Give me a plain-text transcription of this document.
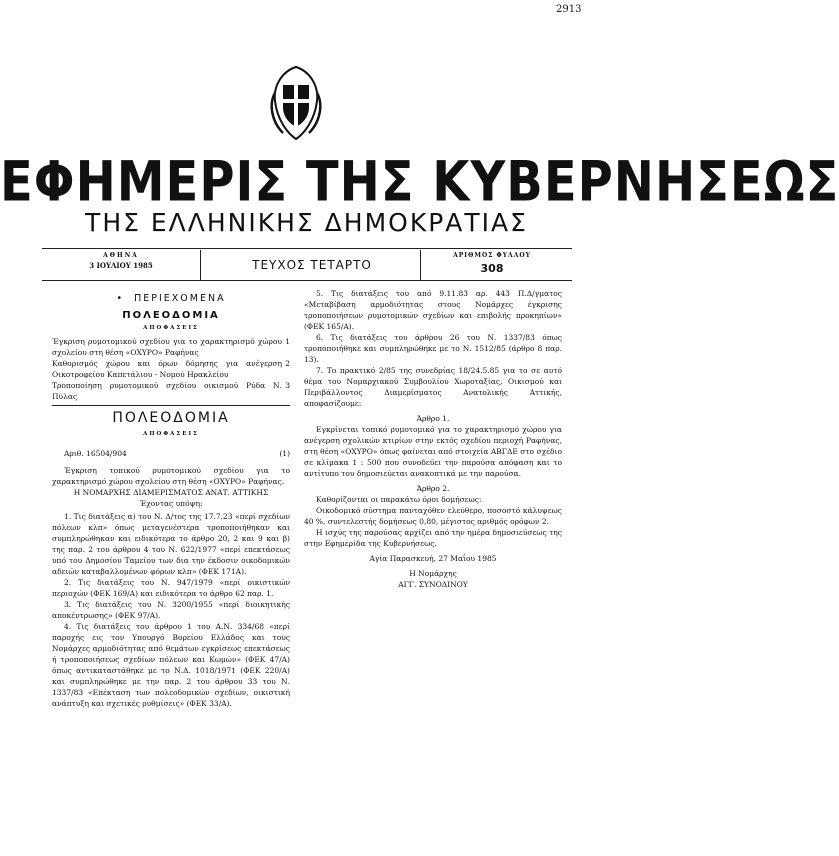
2913
ΕΦΗΜΕΡΙΣ ΤΗΣ ΚΥΒΕΡΝΗΣΕΩΣ
ΤΗΣ ΕΛΛΗΝΙΚΗΣ ΔΗΜΟΚΡΑΤΙΑΣ
ΑΘΗΝΑ
3 ΙΟΥΛΙΟΥ 1985	ΤΕΥΧΟΣ ΤΕΤΑΡΤΟ
ΑΡΙΘΜΟΣ ΦΥΛΛΟΥ
308

•  ΠΕΡΙΕΧΟΜΕΝΑ

ΠΟΛΕΟΔΟΜΙΑ

ΑΠΟΦΑΣΕΙΣ

Έγκριση ρυμοτομικού σχεδίου για το χαρακτηρισμό χώρου σχολείου στη θέση «ΟΧΥΡΟ» Ραφήνας
1
Καθορισμός χώρου και όρων δόμησης για ανέγερση Οικοτροφείου Καπετάλιου - Νομού Ηρακλείου
2
Τροποποίηση ρυμοτομικού σχεδίου οικισμού Ρύδα Ν. Πύλας
3

ΠΟΛΕΟΔΟΜΙΑ

ΑΠΟΦΑΣΕΙΣ

Αριθ. 16504/904	(1)

Έγκριση τοπικού ρυμοτομικού σχεδίου για το χαρακτηρισμό χώρου σχολείου στη θέση «ΟΧΥΡΟ» Ραφήνας.

Η ΝΟΜΑΡΧΗΣ ΔΙΑΜΕΡΙΣΜΑΤΟΣ ΑΝΑΤ. ΑΤΤΙΚΗΣ

Έχοντας υπόψη:

1. Τις διατάξεις α) του Ν. Δ/τος της 17.7.23 «περί σχεδίων πόλεων κλπ» όπως μεταγενέστερα τροποποιήθηκαν και συμπληρώθηκαν και ειδικότερα το άρθρο 20, 2 και 9 και β) της παρ. 2 του άρθρου 4 του Ν. 622/1977 «περί επεκτάσεως υπό του Δημοσίου Ταμείου των δια την έκδοσιν οικοδομικών αδειών καταβαλλομένων φόρων κλπ» (ΦΕΚ 171Α).

2. Τις διατάξεις του Ν. 947/1979 «περί οικιστικών περιοχών (ΦΕΚ 169/Α) και ειδικότερα το άρθρο 62 παρ. 1.

3. Τις διατάξεις του Ν. 3200/1955 «περί διοικητικής αποκέντρωσης» (ΦΕΚ 97/Α).

4. Τις διατάξεις του άρθρου 1 του Α.Ν. 334/68 «περί παροχής εις τον Υπουργό Βορείου Ελλάδος και τους Νομάρχες αρμοδιότητας από θεμάτων εγκρίσεως επεκτάσεως ή τροποποιήσεως σχεδίων πόλεων και Κωμών» (ΦΕΚ 47/Α) όπως αντικαταστάθηκε με το Ν.Δ. 1018/1971 (ΦΕΚ 220/Α) και συμπληρώθηκε με την παρ. 2 του άρθρου 33 του Ν. 1337/83 «Επέκταση των πολεοδομικών σχεδίων, οικιστική ανάπτυξη και σχετικές ρυθμίσεις» (ΦΕΚ 33/Α).

5. Τις διατάξεις του από 9.11.83 αρ. 443 Π.Δ/γματος «Μεταβίβαση αρμοδιότητας στους Νομάρχες έγκρισης τροποποιήσεων ρυμοτομικών σχεδίων και επιβολής προκηπίων» (ΦΕΚ 165/Α).

6. Τις διατάξεις του άρθρου 26 του Ν. 1337/83 όπως τροποποιήθηκε και συμπληρώθηκε με το Ν. 1512/85 (άρθρο 8 παρ. 13).

7. Το πρακτικό 2/85 της συνεδρίας 18/24.5.85 για το σε αυτό θέμα του Νομαρχιακού Συμβουλίου Χωροταξίας, Οικισμού και Περιβάλλοντος Διαμερίσματος Ανατολικής Αττικής, αποφασίζουμε:

Άρθρο 1.

Εγκρίνεται τοπικό ρυμοτομικό για το χαρακτηρισμό χώρου για ανέγερση σχολικών κτιρίων στην εκτός σχεδίου περιοχή Ραφήνας, στη θέση «ΟΧΥΡΟ» όπως φαίνεται από στοιχεία ΑΒΓΔΕ στο σχέδιο σε κλίμακα 1 : 500 που συνοδεύει την παρούσα απόφαση και το αντίτυπο του δημοσιεύεται ανακοπτικά με την παρούσα.

Άρθρο 2.

Καθορίζονται οι παρακάτω όροι δομήσεως:

Οικοδομικό σύστημα πανταχόθεν ελεύθερο, ποσοστό κάλυψεως 40 %, συντελεστής δομήσεως 0,80, μέγιστος αριθμός ορόφων 2.

Η ισχύς της παρούσας αρχίζει από την ημέρα δημοσιεύσεως της στην Εφημερίδα της Κυβερνήσεως.

Αγία Παρασκευή, 27 Μαΐου 1985

Η Νομάρχης

ΑΓΓ. ΣΥΝΟΔΙΝΟΥ
